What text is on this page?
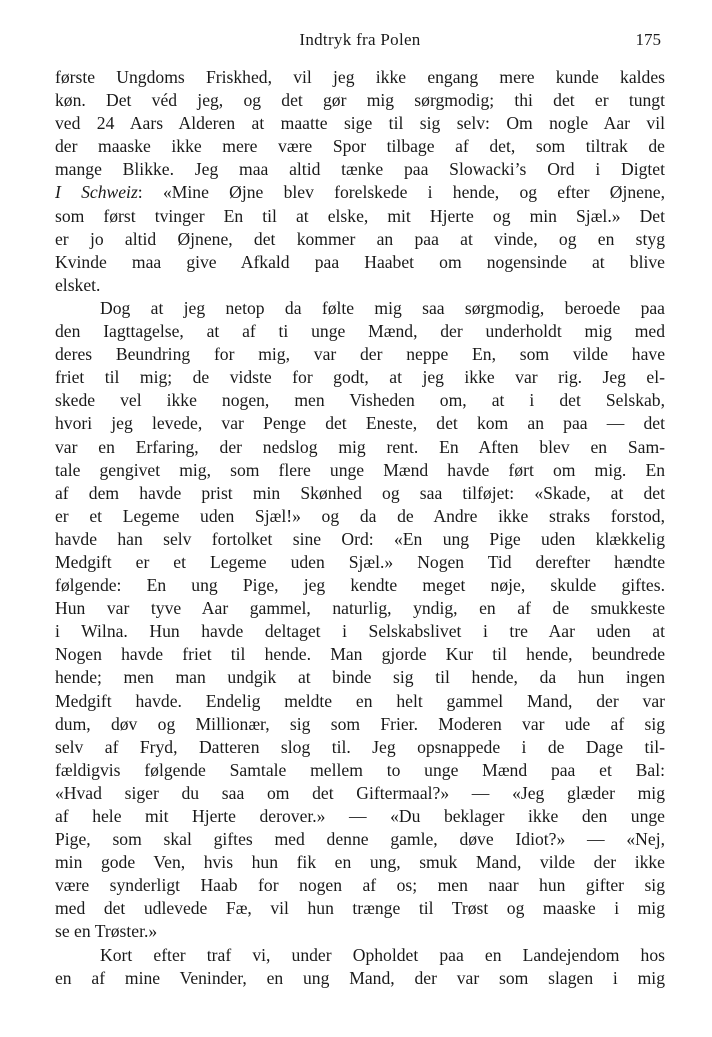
Indtryk fra Polen	175
første Ungdoms Friskhed, vil jeg ikke engang mere kunde kaldes
køn. Det véd jeg, og det gør mig sørgmodig; thi det er tungt
ved 24 Aars Alderen at maatte sige til sig selv: Om nogle Aar vil
der maaske ikke mere være Spor tilbage af det, som tiltrak de
mange Blikke. Jeg maa altid tænke paa Slowacki’s Ord i Digtet
I Schweiz: «Mine Øjne blev forelskede i hende, og efter Øjnene,
som først tvinger En til at elske, mit Hjerte og min Sjæl.» Det
er jo altid Øjnene, det kommer an paa at vinde, og en styg
Kvinde maa give Afkald paa Haabet om nogensinde at blive
elsket.
Dog at jeg netop da følte mig saa sørgmodig, beroede paa
den Iagttagelse, at af ti unge Mænd, der underholdt mig med
deres Beundring for mig, var der neppe En, som vilde have
friet til mig; de vidste for godt, at jeg ikke var rig. Jeg el-
skede vel ikke nogen, men Visheden om, at i det Selskab,
hvori jeg levede, var Penge det Eneste, det kom an paa — det
var en Erfaring, der nedslog mig rent. En Aften blev en Sam-
tale gengivet mig, som flere unge Mænd havde ført om mig. En
af dem havde prist min Skønhed og saa tilføjet: «Skade, at det
er et Legeme uden Sjæl!» og da de Andre ikke straks forstod,
havde han selv fortolket sine Ord: «En ung Pige uden klækkelig
Medgift er et Legeme uden Sjæl.» Nogen Tid derefter hændte
følgende: En ung Pige, jeg kendte meget nøje, skulde giftes.
Hun var tyve Aar gammel, naturlig, yndig, en af de smukkeste
i Wilna. Hun havde deltaget i Selskabslivet i tre Aar uden at
Nogen havde friet til hende. Man gjorde Kur til hende, beundrede
hende; men man undgik at binde sig til hende, da hun ingen
Medgift havde. Endelig meldte en helt gammel Mand, der var
dum, døv og Millionær, sig som Frier. Moderen var ude af sig
selv af Fryd, Datteren slog til. Jeg opsnappede i de Dage til-
fældigvis følgende Samtale mellem to unge Mænd paa et Bal:
«Hvad siger du saa om det Giftermaal?» — «Jeg glæder mig
af hele mit Hjerte derover.» — «Du beklager ikke den unge
Pige, som skal giftes med denne gamle, døve Idiot?» — «Nej,
min gode Ven, hvis hun fik en ung, smuk Mand, vilde der ikke
være synderligt Haab for nogen af os; men naar hun gifter sig
med det udlevede Fæ, vil hun trænge til Trøst og maaske i mig
se en Trøster.»
Kort efter traf vi, under Opholdet paa en Landejendom hos
en af mine Veninder, en ung Mand, der var som slagen i mig
